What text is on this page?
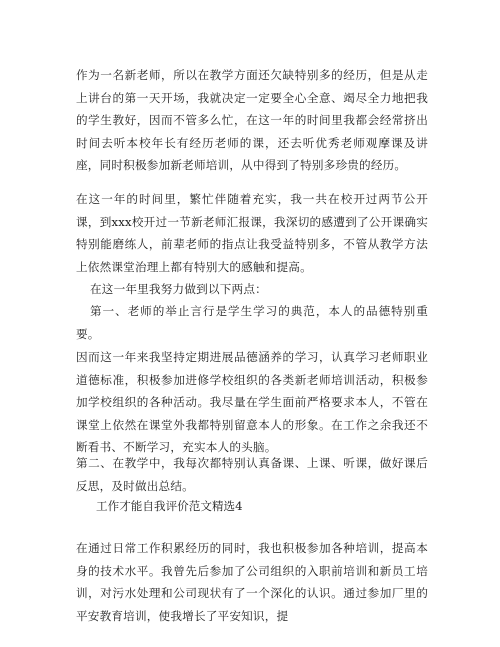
作为一名新老师，所以在教学方面还欠缺特别多的经历，但是从走上讲台的第一天开场，我就决定一定要全心全意、竭尽全力地把我的学生教好，因而不管多么忙，在这一年的时间里我都会经常挤出时间去听本校年长有经历老师的课，还去听优秀老师观摩课及讲座，同时积极参加新老师培训，从中得到了特别多珍贵的经历。

在这一年的时间里，繁忙伴随着充实，我一共在校开过两节公开课，到xxx校开过一节新老师汇报课，我深切的感遭到了公开课确实特别能磨练人，前辈老师的指点让我受益特别多，不管从教学方法上依然课堂治理上都有特别大的感触和提高。

在这一年里我努力做到以下两点：

第一、老师的举止言行是学生学习的典范，本人的品德特别重要。

因而这一年来我坚持定期进展品德涵养的学习，认真学习老师职业道德标准，积极参加进修学校组织的各类新老师培训活动，积极参加学校组织的各种活动。我尽量在学生面前严格要求本人，不管在课堂上依然在课堂外我都特别留意本人的形象。在工作之余我还不断看书、不断学习，充实本人的头脑。

第二、在教学中，我每次都特别认真备课、上课、听课，做好课后反思，及时做出总结。

工作才能自我评价范文精选4

在通过日常工作积累经历的同时，我也积极参加各种培训，提高本身的技术水平。我曾先后参加了公司组织的入职前培训和新员工培训，对污水处理和公司现状有了一个深化的认识。通过参加厂里的平安教育培训，使我增长了平安知识，提
